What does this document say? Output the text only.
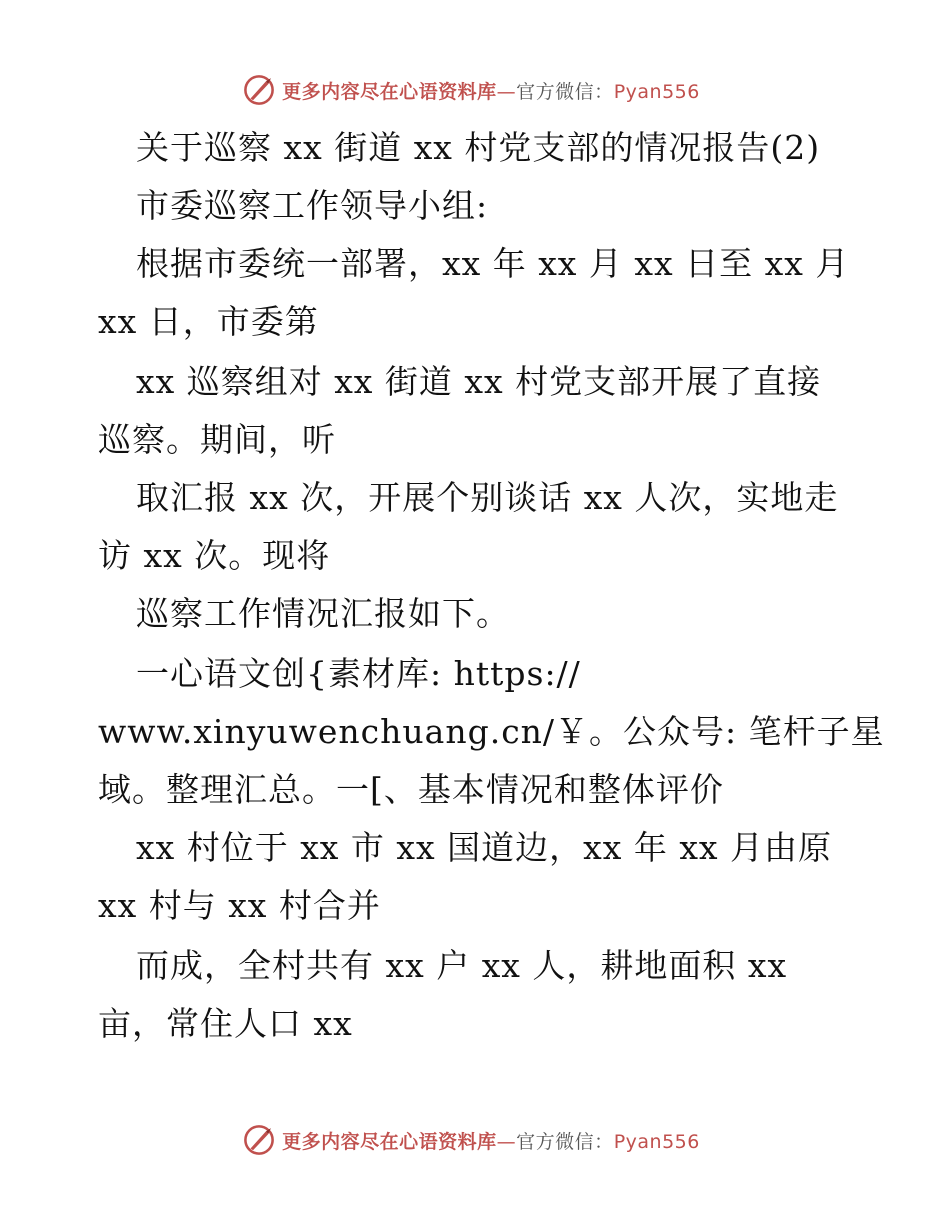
更多内容尽在心语资料库—官方微信：Pyan556
关于巡察 xx 街道 xx 村党支部的情况报告(2)
市委巡察工作领导小组:
根据市委统一部署，xx 年 xx 月 xx 日至 xx 月
xx 日，市委第
xx 巡察组对 xx 街道 xx 村党支部开展了直接
巡察。期间，听
取汇报 xx 次，开展个别谈话 xx 人次，实地走
访 xx 次。现将
巡察工作情况汇报如下。
一心语文创{素材库: https://
www.xinyuwenchuang.cn/￥。公众号: 笔杆子星
域。整理汇总。一[、基本情况和整体评价
xx 村位于 xx 市 xx 国道边，xx 年 xx 月由原
xx 村与 xx 村合并
而成，全村共有 xx 户 xx 人，耕地面积 xx
亩，常住人口 xx
更多内容尽在心语资料库—官方微信：Pyan556
